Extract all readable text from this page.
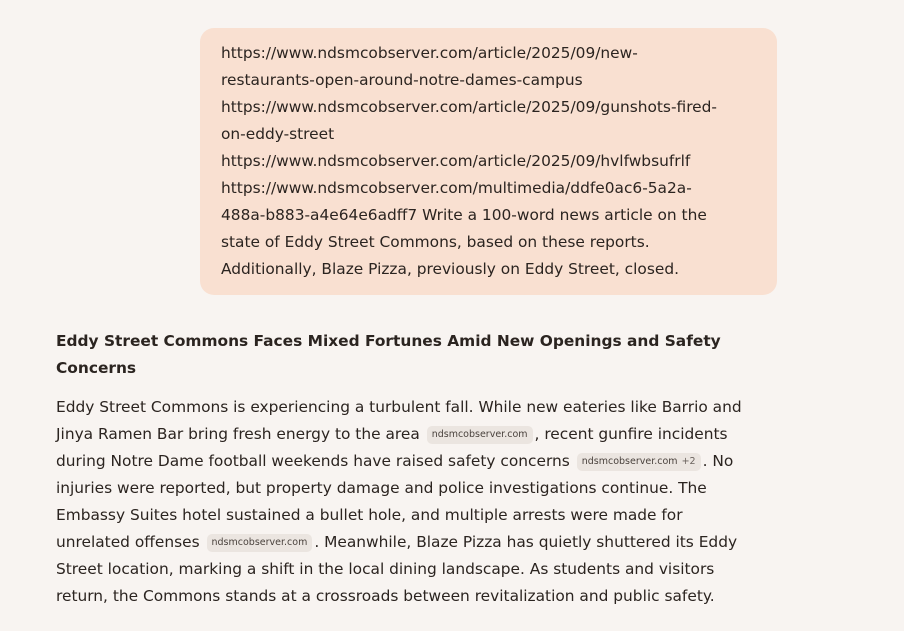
https://www.ndsmcobserver.com/article/2025/09/new-
restaurants-open-around-notre-dames-campus
https://www.ndsmcobserver.com/article/2025/09/gunshots-fired-
on-eddy-street
https://www.ndsmcobserver.com/article/2025/09/hvlfwbsufrlf
https://www.ndsmcobserver.com/multimedia/ddfe0ac6-5a2a-
488a-b883-a4e64e6adff7 Write a 100-word news article on the
state of Eddy Street Commons, based on these reports.
Additionally, Blaze Pizza, previously on Eddy Street, closed.
Eddy Street Commons Faces Mixed Fortunes Amid New Openings and Safety
Concerns
Eddy Street Commons is experiencing a turbulent fall. While new eateries like Barrio and
Jinya Ramen Bar bring fresh energy to the area ndsmcobserver.com , recent gunfire incidents
during Notre Dame football weekends have raised safety concerns ndsmcobserver.com +2 . No
injuries were reported, but property damage and police investigations continue. The
Embassy Suites hotel sustained a bullet hole, and multiple arrests were made for
unrelated offenses ndsmcobserver.com . Meanwhile, Blaze Pizza has quietly shuttered its Eddy
Street location, marking a shift in the local dining landscape. As students and visitors
return, the Commons stands at a crossroads between revitalization and public safety.
